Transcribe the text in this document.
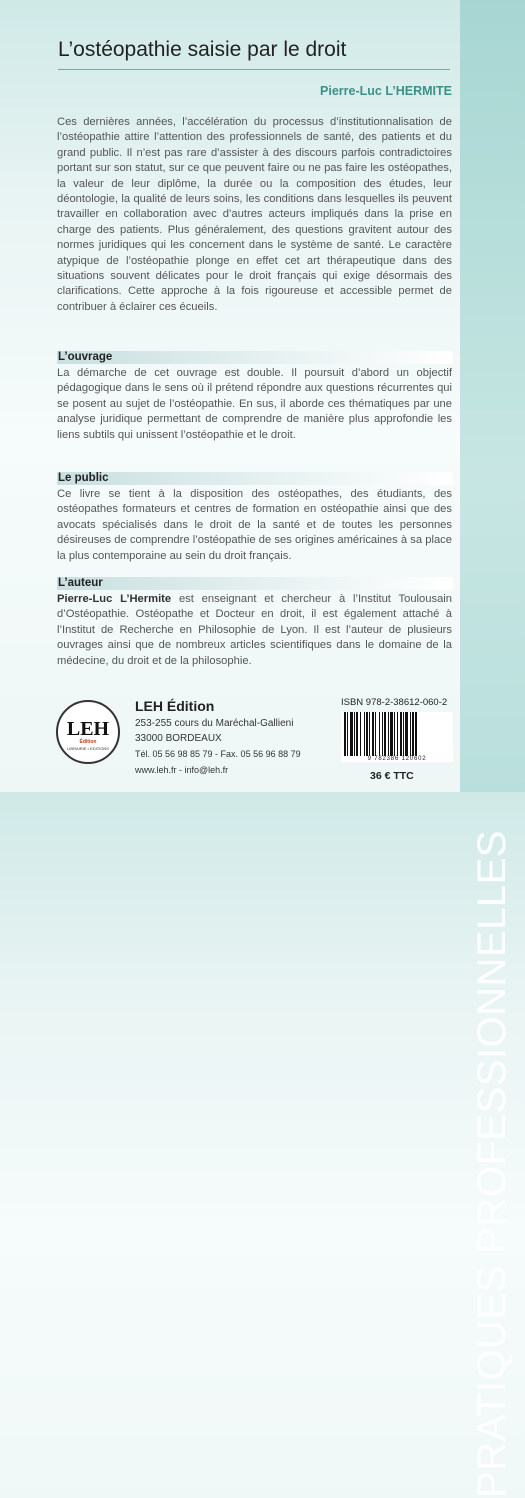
PRATIQUES PROFESSIONNELLES
L’ostéopathie saisie par le droit
Pierre-Luc L’HERMITE
Ces dernières années, l’accélération du processus d’institutionnalisation de l’ostéopathie attire l’attention des professionnels de santé, des patients et du grand public. Il n’est pas rare d’assister à des discours parfois contradictoires portant sur son statut, sur ce que peuvent faire ou ne pas faire les ostéopathes, la valeur de leur diplôme, la durée ou la composition des études, leur déontologie, la qualité de leurs soins, les conditions dans lesquelles ils peuvent travailler en collaboration avec d’autres acteurs impliqués dans la prise en charge des patients. Plus généralement, des questions gravitent autour des normes juridiques qui les concernent dans le système de santé. Le caractère atypique de l’ostéopathie plonge en effet cet art thérapeutique dans des situations souvent délicates pour le droit français qui exige désormais des clarifications. Cette approche à la fois rigoureuse et accessible permet de contribuer à éclairer ces écueils.
L’ouvrage
La démarche de cet ouvrage est double. Il poursuit d’abord un objectif pédagogique dans le sens où il prétend répondre aux questions récurrentes qui se posent au sujet de l’ostéopathie. En sus, il aborde ces thématiques par une analyse juridique permettant de comprendre de manière plus approfondie les liens subtils qui unissent l’ostéopathie et le droit.
Le public
Ce livre se tient à la disposition des ostéopathes, des étudiants, des ostéopathes formateurs et centres de formation en ostéopathie ainsi que des avocats spécialisés dans le droit de la santé et de toutes les personnes désireuses de comprendre l’ostéopathie de ses origines américaines à sa place la plus contemporaine au sein du droit français.
L’auteur
Pierre-Luc L’Hermite est enseignant et chercheur à l’Institut Toulousain d’Ostéopathie. Ostéopathe et Docteur en droit, il est également attaché à l’Institut de Recherche en Philosophie de Lyon. Il est l’auteur de plusieurs ouvrages ainsi que de nombreux articles scientifiques dans le domaine de la médecine, du droit et de la philosophie.
LEH
Édition
LIBRAIRIE • EDITIONS
LEH Édition
253-255 cours du Maréchal-Gallieni
33000 BORDEAUX
Tél. 05 56 98 85 79 - Fax. 05 56 96 88 79
www.leh.fr - info@leh.fr
ISBN 978-2-38612-060-2
9 782386 120602
36 € TTC
